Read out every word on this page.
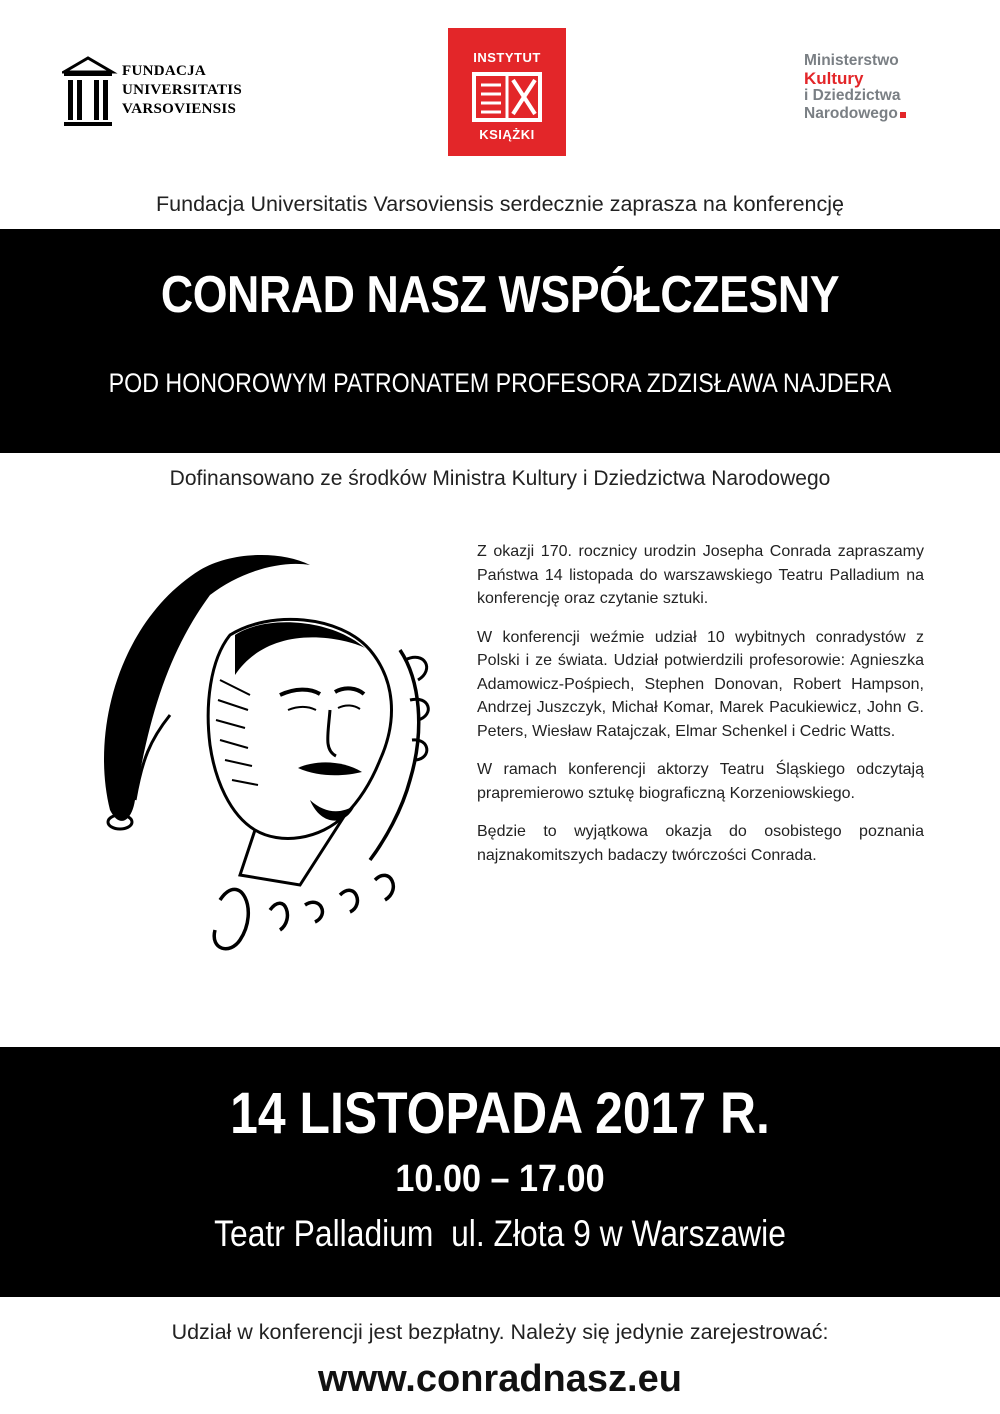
FUNDACJA
UNIVERSITATIS
VARSOVIENSIS
INSTYTUT
KSIĄŻKI
Ministerstwo
Kultury
i Dziedzictwa
Narodowego
Fundacja Universitatis Varsoviensis serdecznie zaprasza na konferencję
CONRAD NASZ WSPÓŁCZESNY
POD HONOROWYM PATRONATEM PROFESORA ZDZISŁAWA NAJDERA
Dofinansowano ze środków Ministra Kultury i Dziedzictwa Narodowego

Z okazji 170. rocznicy urodzin Josepha Conrada zapraszamy Państwa 14 listopada do warszawskiego Teatru Palladium na konferencję oraz czytanie sztuki.

W konferencji weźmie udział 10 wybitnych conradystów z Polski i ze świata. Udział potwierdzili profesorowie: Agnieszka Adamowicz-Pośpiech, Stephen Donovan, Robert Hampson, Andrzej Juszczyk, Michał Komar, Marek Pacukiewicz, John G. Peters, Wiesław Ratajczak, Elmar Schenkel i Cedric Watts.

W ramach konferencji aktorzy Teatru Śląskiego odczytają prapremierowo sztukę biograficzną Korzeniowskiego.

Będzie to wyjątkowa okazja do osobistego poznania najznakomitszych badaczy twórczości Conrada.

14 LISTOPADA 2017 R.
10.00 – 17.00
Teatr Palladium  ul. Złota 9 w Warszawie
Udział w konferencji jest bezpłatny. Należy się jedynie zarejestrować:
www.conradnasz.eu
